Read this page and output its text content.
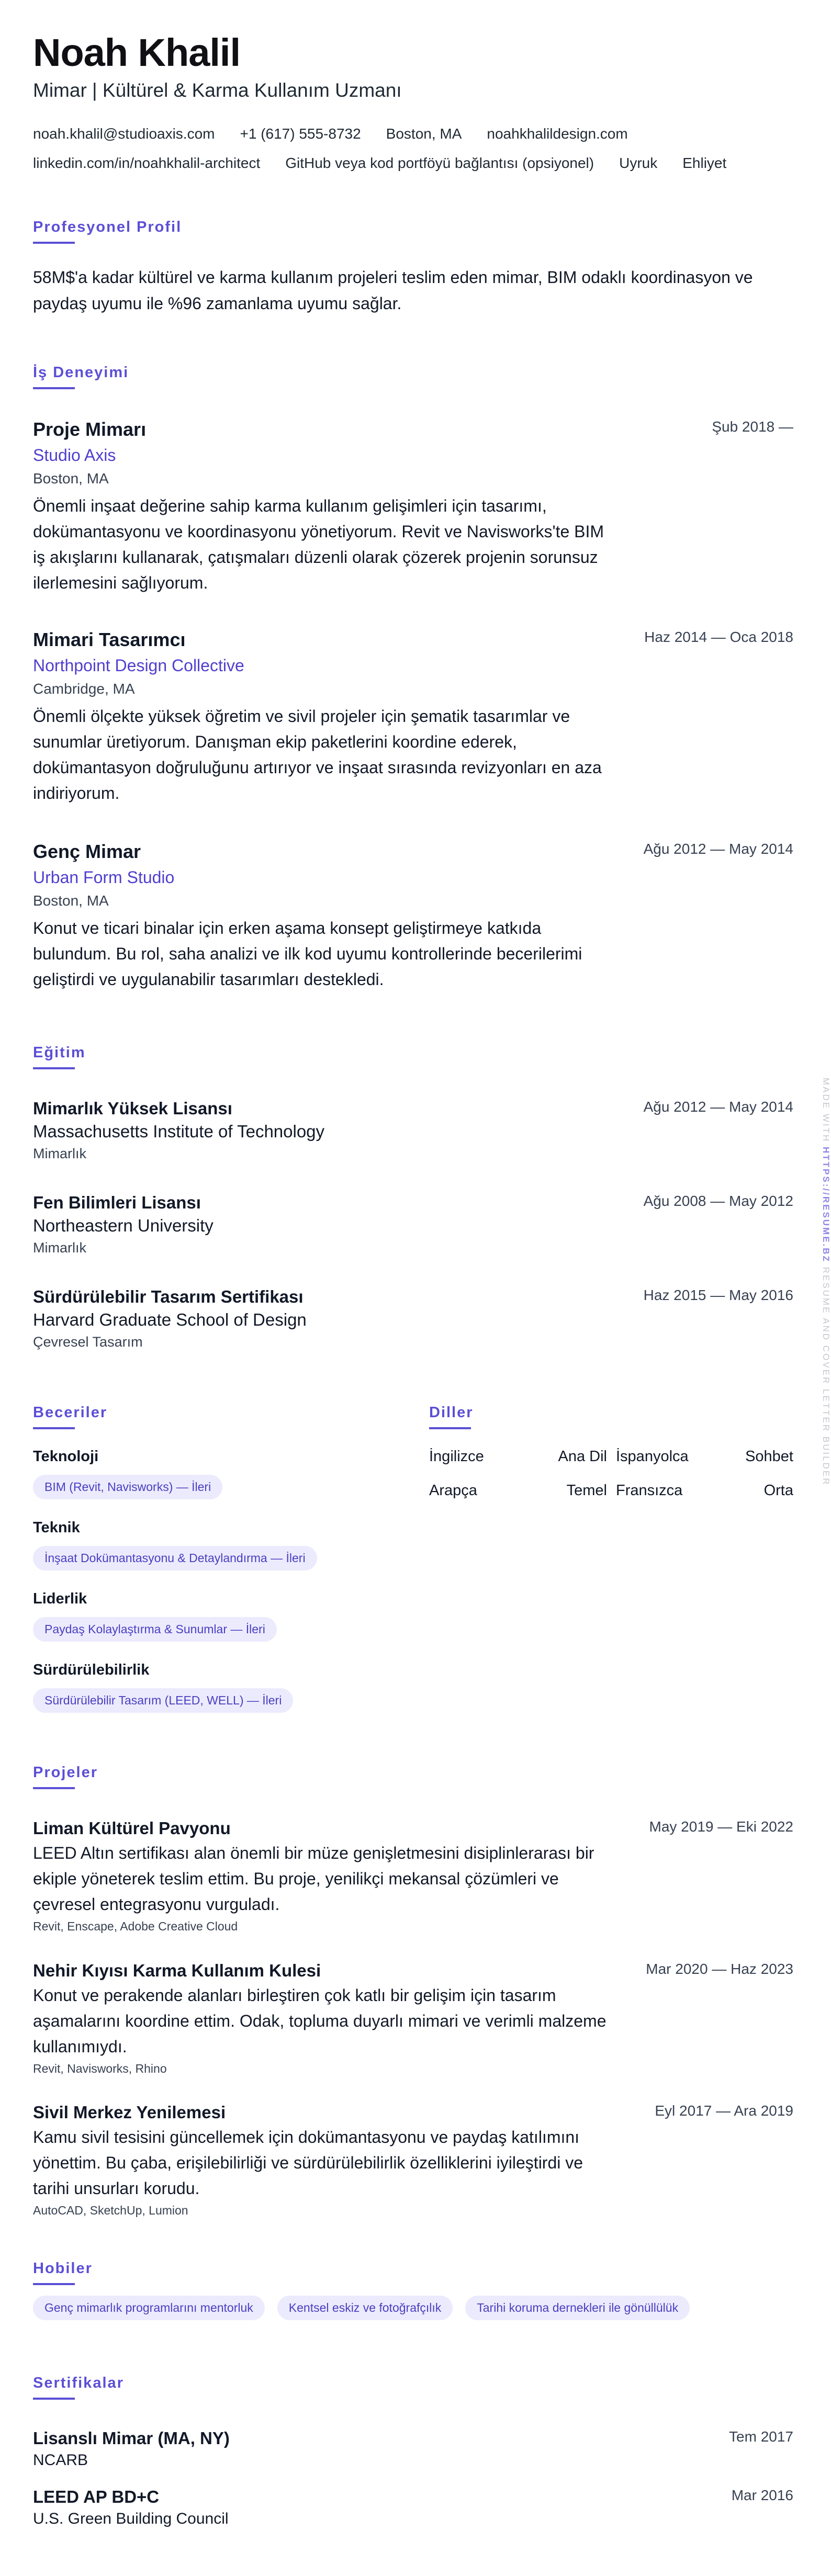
Noah Khalil
Mimar | Kültürel & Karma Kullanım Uzmanı
noah.khalil@studioaxis.com +1 (617) 555-8732 Boston, MA noahkhalildesign.com
linkedin.com/in/noahkhalil-architect GitHub veya kod portföyü bağlantısı (opsiyonel) Uyruk Ehliyet
Profesyonel Profil
58M$'a kadar kültürel ve karma kullanım projeleri teslim eden mimar, BIM odaklı koordinasyon ve paydaş uyumu ile %96 zamanlama uyumu sağlar.
İş Deneyimi
Proje Mimarı
Studio Axis
Boston, MA
Önemli inşaat değerine sahip karma kullanım gelişimleri için tasarımı, dokümantasyonu ve koordinasyonu yönetiyorum. Revit ve Navisworks'te BIM iş akışlarını kullanarak, çatışmaları düzenli olarak çözerek projenin sorunsuz ilerlemesini sağlıyorum.
Şub 2018 —
Mimari Tasarımcı
Northpoint Design Collective
Cambridge, MA
Önemli ölçekte yüksek öğretim ve sivil projeler için şematik tasarımlar ve sunumlar üretiyorum. Danışman ekip paketlerini koordine ederek, dokümantasyon doğruluğunu artırıyor ve inşaat sırasında revizyonları en aza indiriyorum.
Haz 2014 — Oca 2018
Genç Mimar
Urban Form Studio
Boston, MA
Konut ve ticari binalar için erken aşama konsept geliştirmeye katkıda bulundum. Bu rol, saha analizi ve ilk kod uyumu kontrollerinde becerilerimi geliştirdi ve uygulanabilir tasarımları destekledi.
Ağu 2012 — May 2014
Eğitim
Mimarlık Yüksek Lisansı
Massachusetts Institute of Technology
Mimarlık
Ağu 2012 — May 2014
Fen Bilimleri Lisansı
Northeastern University
Mimarlık
Ağu 2008 — May 2012
Sürdürülebilir Tasarım Sertifikası
Harvard Graduate School of Design
Çevresel Tasarım
Haz 2015 — May 2016
Beceriler
Teknoloji
BIM (Revit, Navisworks) — İleri
Teknik
İnşaat Dokümantasyonu & Detaylandırma — İleri
Liderlik
Paydaş Kolaylaştırma & Sunumlar — İleri
Sürdürülebilirlik
Sürdürülebilir Tasarım (LEED, WELL) — İleri
Diller
İngilizce	Ana Dil İspanyolca	Sohbet
Arapça	Temel Fransızca	Orta
Projeler
Liman Kültürel Pavyonu
LEED Altın sertifikası alan önemli bir müze genişletmesini disiplinlerarası bir ekiple yöneterek teslim ettim. Bu proje, yenilikçi mekansal çözümleri ve çevresel entegrasyonu vurguladı.
Revit, Enscape, Adobe Creative Cloud
May 2019 — Eki 2022
Nehir Kıyısı Karma Kullanım Kulesi
Konut ve perakende alanları birleştiren çok katlı bir gelişim için tasarım aşamalarını koordine ettim. Odak, topluma duyarlı mimari ve verimli malzeme kullanımıydı.
Revit, Navisworks, Rhino
Mar 2020 — Haz 2023
Sivil Merkez Yenilemesi
Kamu sivil tesisini güncellemek için dokümantasyonu ve paydaş katılımını yönettim. Bu çaba, erişilebilirliği ve sürdürülebilirlik özelliklerini iyileştirdi ve tarihi unsurları korudu.
AutoCAD, SketchUp, Lumion
Eyl 2017 — Ara 2019
Hobiler
Genç mimarlık programlarını mentorluk	Kentsel eskiz ve fotoğrafçılık	Tarihi koruma dernekleri ile gönüllülük
Sertifikalar
Lisanslı Mimar (MA, NY)
NCARB
Tem 2017
LEED AP BD+C
U.S. Green Building Council
Mar 2016
MADE WITH HTTPS://RESUME.BZ RESUME AND COVER LETTER BUILDER
